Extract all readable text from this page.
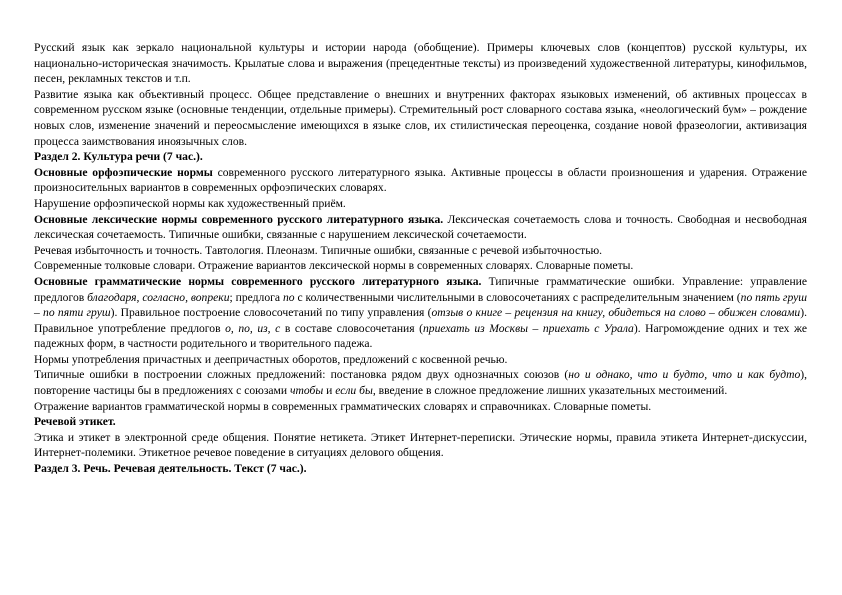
Русский язык как зеркало национальной культуры и истории народа (обобщение). Примеры ключевых слов (концептов) русской культуры, их национально-историческая значимость. Крылатые слова и выражения (прецедентные тексты) из произведений художественной литературы, кинофильмов, песен, рекламных текстов и т.п.

Развитие языка как объективный процесс. Общее представление о внешних и внутренних факторах языковых изменений, об активных процессах в современном русском языке (основные тенденции, отдельные примеры). Стремительный рост словарного состава языка, «неологический бум» – рождение новых слов, изменение значений и переосмысление имеющихся в языке слов, их стилистическая переоценка, создание новой фразеологии, активизация процесса заимствования иноязычных слов.

Раздел 2. Культура речи (7 час.).

Основные орфоэпические нормы современного русского литературного языка. Активные процессы в области произношения и ударения. Отражение произносительных вариантов в современных орфоэпических словарях.

Нарушение орфоэпической нормы как художественный приём.

Основные лексические нормы современного русского литературного языка. Лексическая сочетаемость слова и точность. Свободная и несвободная лексическая сочетаемость. Типичные ошибки, связанные с нарушением лексической сочетаемости.

Речевая избыточность и точность. Тавтология. Плеоназм. Типичные ошибки, связанные с речевой избыточностью.

Современные толковые словари. Отражение вариантов лексической нормы в современных словарях. Словарные пометы.

Основные грамматические нормы современного русского литературного языка. Типичные грамматические ошибки. Управление: управление предлогов благодаря, согласно, вопреки; предлога по с количественными числительными в словосочетаниях с распределительным значением (по пять груш – по пяти груш). Правильное построение словосочетаний по типу управления (отзыв о книге – рецензия на книгу, обидеться на слово – обижен словами). Правильное употребление предлогов о, по, из, с в составе словосочетания (приехать из Москвы – приехать с Урала). Нагромождение одних и тех же падежных форм, в частности родительного и творительного падежа.

Нормы употребления причастных и деепричастных оборотов, предложений с косвенной речью.

Типичные ошибки в построении сложных предложений: постановка рядом двух однозначных союзов (но и однако, что и будто, что и как будто), повторение частицы бы в предложениях с союзами чтобы и если бы, введение в сложное предложение лишних указательных местоимений.

Отражение вариантов грамматической нормы в современных грамматических словарях и справочниках. Словарные пометы.

Речевой этикет.

Этика и этикет в электронной среде общения. Понятие нетикета. Этикет Интернет-переписки. Этические нормы, правила этикета Интернет-дискуссии, Интернет-полемики. Этикетное речевое поведение в ситуациях делового общения.

Раздел 3. Речь. Речевая деятельность. Текст (7 час.).
